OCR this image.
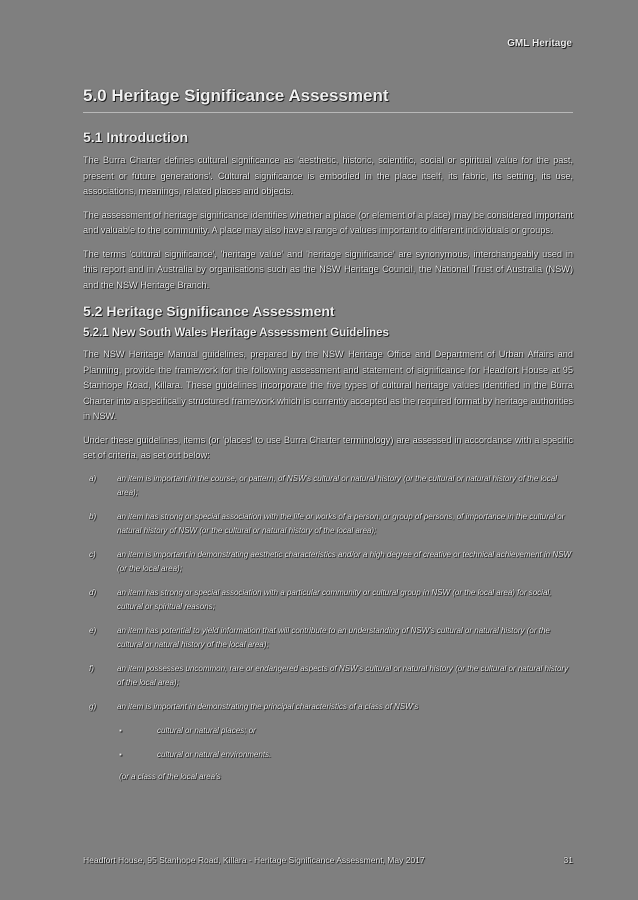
GML Heritage
5.0 Heritage Significance Assessment
5.1 Introduction

The Burra Charter defines cultural significance as 'aesthetic, historic, scientific, social or spiritual value for the past, present or future generations'. Cultural significance is embodied in the place itself, its fabric, its setting, its use, associations, meanings, related places and objects.

The assessment of heritage significance identifies whether a place (or element of a place) may be considered important and valuable to the community. A place may also have a range of values important to different individuals or groups.

The terms 'cultural significance', 'heritage value' and 'heritage significance' are synonymous, interchangeably used in this report and in Australia by organisations such as the NSW Heritage Council, the National Trust of Australia (NSW) and the NSW Heritage Branch.

5.2 Heritage Significance Assessment
5.2.1 New South Wales Heritage Assessment Guidelines

The NSW Heritage Manual guidelines, prepared by the NSW Heritage Office and Department of Urban Affairs and Planning, provide the framework for the following assessment and statement of significance for Headfort House at 95 Stanhope Road, Killara. These guidelines incorporate the five types of cultural heritage values identified in the Burra Charter into a specifically structured framework which is currently accepted as the required format by heritage authorities in NSW.

Under these guidelines, items (or 'places' to use Burra Charter terminology) are assessed in accordance with a specific set of criteria, as set out below:

a)	an item is important in the course, or pattern, of NSW's cultural or natural history (or the cultural or natural history of the local area);
b)	an item has strong or special association with the life or works of a person, or group of persons, of importance in the cultural or natural history of NSW (or the cultural or natural history of the local area);
c)	an item is important in demonstrating aesthetic characteristics and/or a high degree of creative or technical achievement in NSW (or the local area);
d)	an item has strong or special association with a particular community or cultural group in NSW (or the local area) for social, cultural or spiritual reasons;
e)	an item has potential to yield information that will contribute to an understanding of NSW's cultural or natural history (or the cultural or natural history of the local area);
f)	an item possesses uncommon, rare or endangered aspects of NSW's cultural or natural history (or the cultural or natural history of the local area);
g)	an item is important in demonstrating the principal characteristics of a class of NSW's
▪	cultural or natural places; or
▪	cultural or natural environments.
(or a class of the local area's
Headfort House, 95 Stanhope Road, Killara - Heritage Significance Assessment, May 2017	31
